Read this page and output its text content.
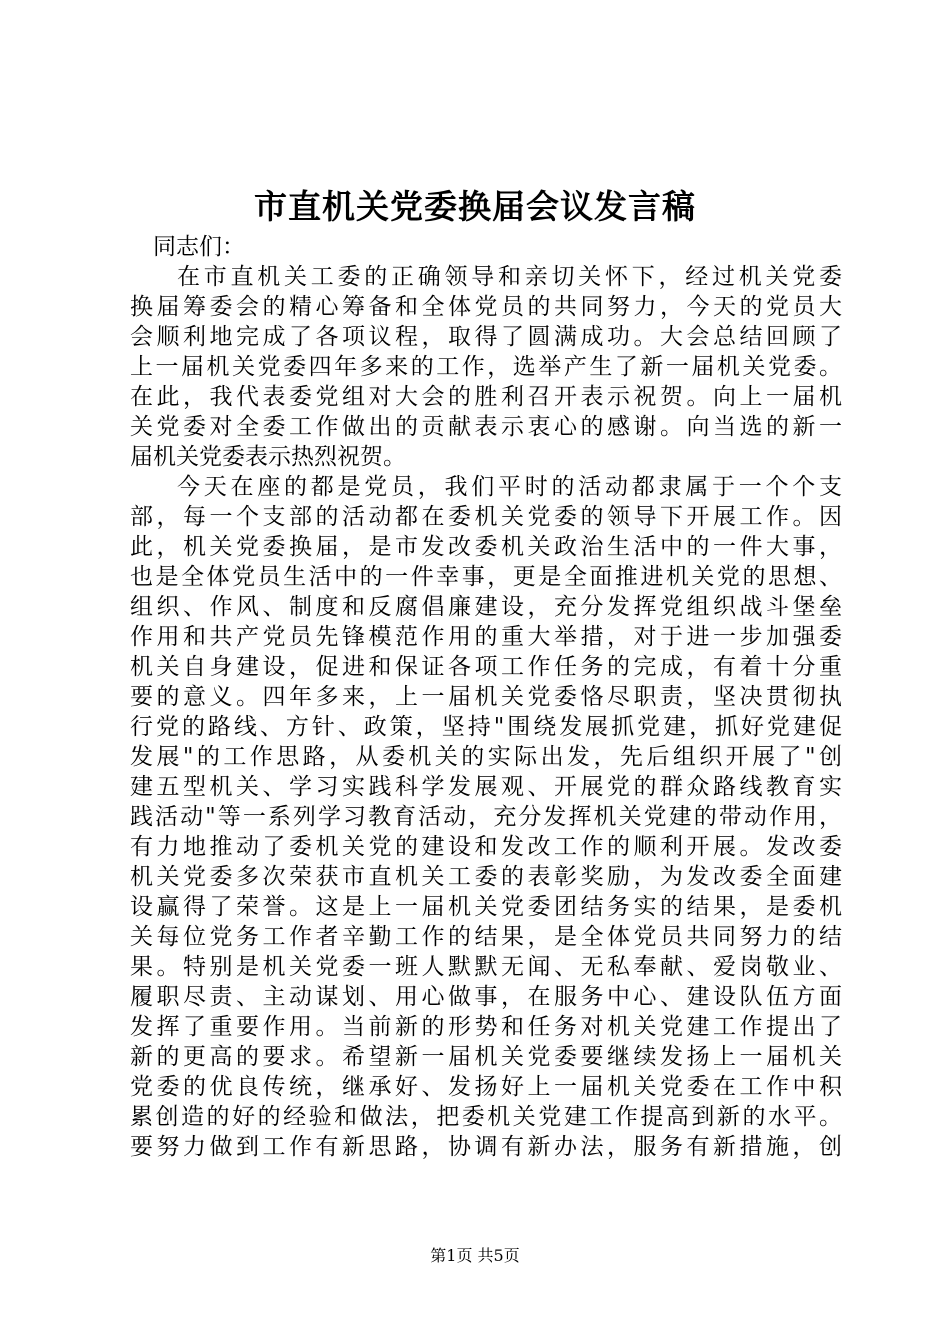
市直机关党委换届会议发言稿
同志们：
在市直机关工委的正确领导和亲切关怀下，经过机关党委
换届筹委会的精心筹备和全体党员的共同努力，今天的党员大
会顺利地完成了各项议程，取得了圆满成功。大会总结回顾了
上一届机关党委四年多来的工作，选举产生了新一届机关党委。
在此，我代表委党组对大会的胜利召开表示祝贺。向上一届机
关党委对全委工作做出的贡献表示衷心的感谢。向当选的新一
届机关党委表示热烈祝贺。
今天在座的都是党员，我们平时的活动都隶属于一个个支
部，每一个支部的活动都在委机关党委的领导下开展工作。因
此，机关党委换届，是市发改委机关政治生活中的一件大事，
也是全体党员生活中的一件幸事，更是全面推进机关党的思想、
组织、作风、制度和反腐倡廉建设，充分发挥党组织战斗堡垒
作用和共产党员先锋模范作用的重大举措，对于进一步加强委
机关自身建设，促进和保证各项工作任务的完成，有着十分重
要的意义。四年多来，上一届机关党委恪尽职责，坚决贯彻执
行党的路线、方针、政策，坚持"围绕发展抓党建，抓好党建促
发展"的工作思路，从委机关的实际出发，先后组织开展了"创
建五型机关、学习实践科学发展观、开展党的群众路线教育实
践活动"等一系列学习教育活动，充分发挥机关党建的带动作用，
有力地推动了委机关党的建设和发改工作的顺利开展。发改委
机关党委多次荣获市直机关工委的表彰奖励，为发改委全面建
设赢得了荣誉。这是上一届机关党委团结务实的结果，是委机
关每位党务工作者辛勤工作的结果，是全体党员共同努力的结
果。特别是机关党委一班人默默无闻、无私奉献、爱岗敬业、
履职尽责、主动谋划、用心做事，在服务中心、建设队伍方面
发挥了重要作用。当前新的形势和任务对机关党建工作提出了
新的更高的要求。希望新一届机关党委要继续发扬上一届机关
党委的优良传统，继承好、发扬好上一届机关党委在工作中积
累创造的好的经验和做法，把委机关党建工作提高到新的水平。
要努力做到工作有新思路，协调有新办法，服务有新措施，创
第1页 共5页
